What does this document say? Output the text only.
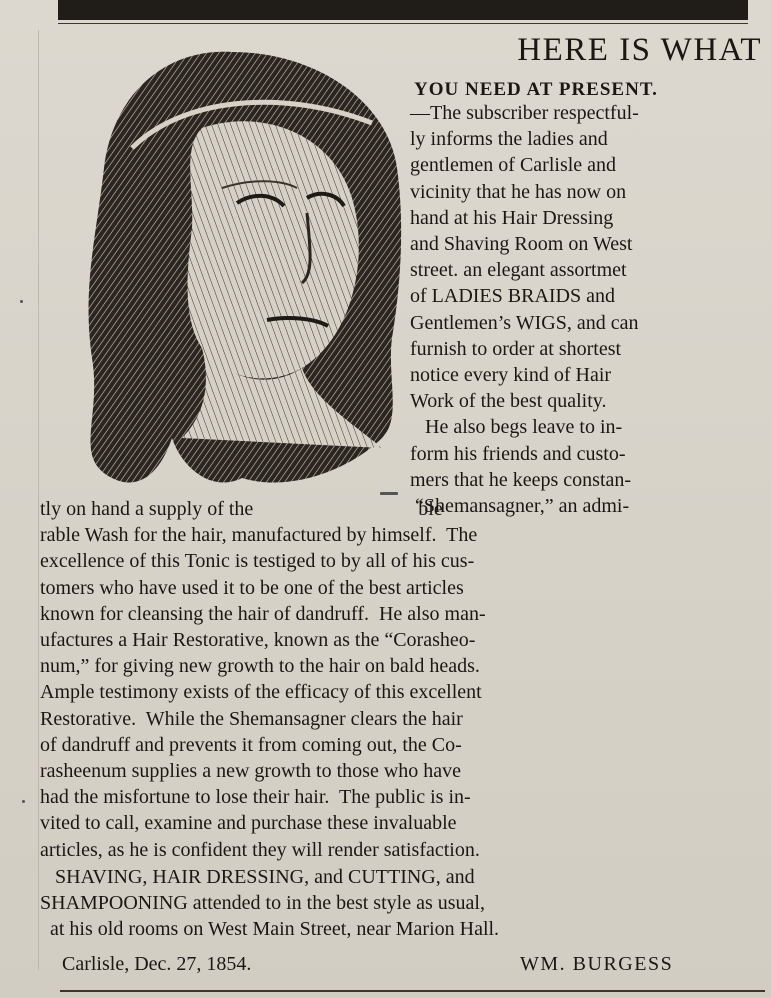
HERE IS WHAT
YOU NEED AT PRESENT.
—The subscriber respectful-
ly informs the ladies and
gentlemen of Carlisle and
vicinity that he has now on
hand at his Hair Dressing
and Shaving Room on West
street. an elegant assortmet
of LADIES BRAIDS and
Gentlemen’s WIGS, and can
furnish to order at shortest
notice every kind of Hair
Work of the best quality.
He also begs leave to in-
form his friends and custo-
mers that he keeps constan-
“Shemansagner,” an admi-
tly on hand a supply of the                                 ble
rable Wash for the hair, manufactured by himself.  The
excellence of this Tonic is testiged to by all of his cus-
tomers who have used it to be one of the best articles
known for cleansing the hair of dandruff.  He also man-
ufactures a Hair Restorative, known as the “Corasheo-
num,” for giving new growth to the hair on bald heads.
Ample testimony exists of the efficacy of this excellent
Restorative.  While the Shemansagner clears the hair
of dandruff and prevents it from coming out, the Co-
rasheenum supplies a new growth to those who have
had the misfortune to lose their hair.  The public is in-
vited to call, examine and purchase these invaluable
articles, as he is confident they will render satisfaction.
SHAVING, HAIR DRESSING, and CUTTING, and
SHAMPOONING attended to in the best style as usual,
at his old rooms on West Main Street, near Marion Hall.
Carlisle, Dec. 27, 1854.	WM. BURGESS
